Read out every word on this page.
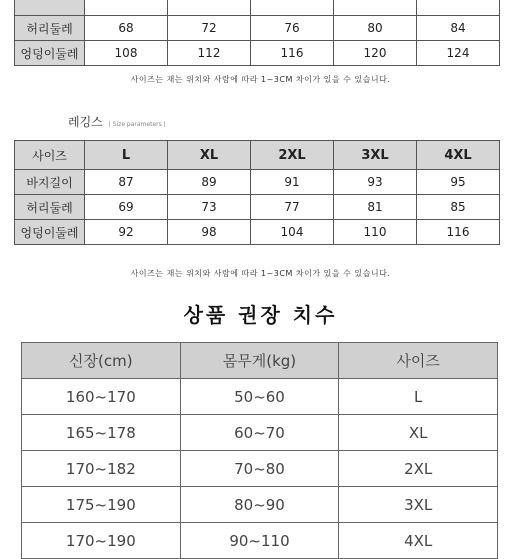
허리둘레	68	72	76	80	84
엉덩이둘레	108	112	116	120	124
사이즈는 재는 위치와 사람에 따라 1~3CM 차이가 있을 수 있습니다.
레깅스 | Size parameters |
사이즈	L	XL	2XL	3XL	4XL
바지길이	87	89	91	93	95
허리둘레	69	73	77	81	85
엉덩이둘레	92	98	104	110	116
사이즈는 재는 위치와 사람에 따라 1~3CM 차이가 있을 수 있습니다.
상품 권장 치수
신장(cm)	몸무게(kg)	사이즈
160~170	50~60	L
165~178	60~70	XL
170~182	70~80	2XL
175~190	80~90	3XL
170~190	90~110	4XL
